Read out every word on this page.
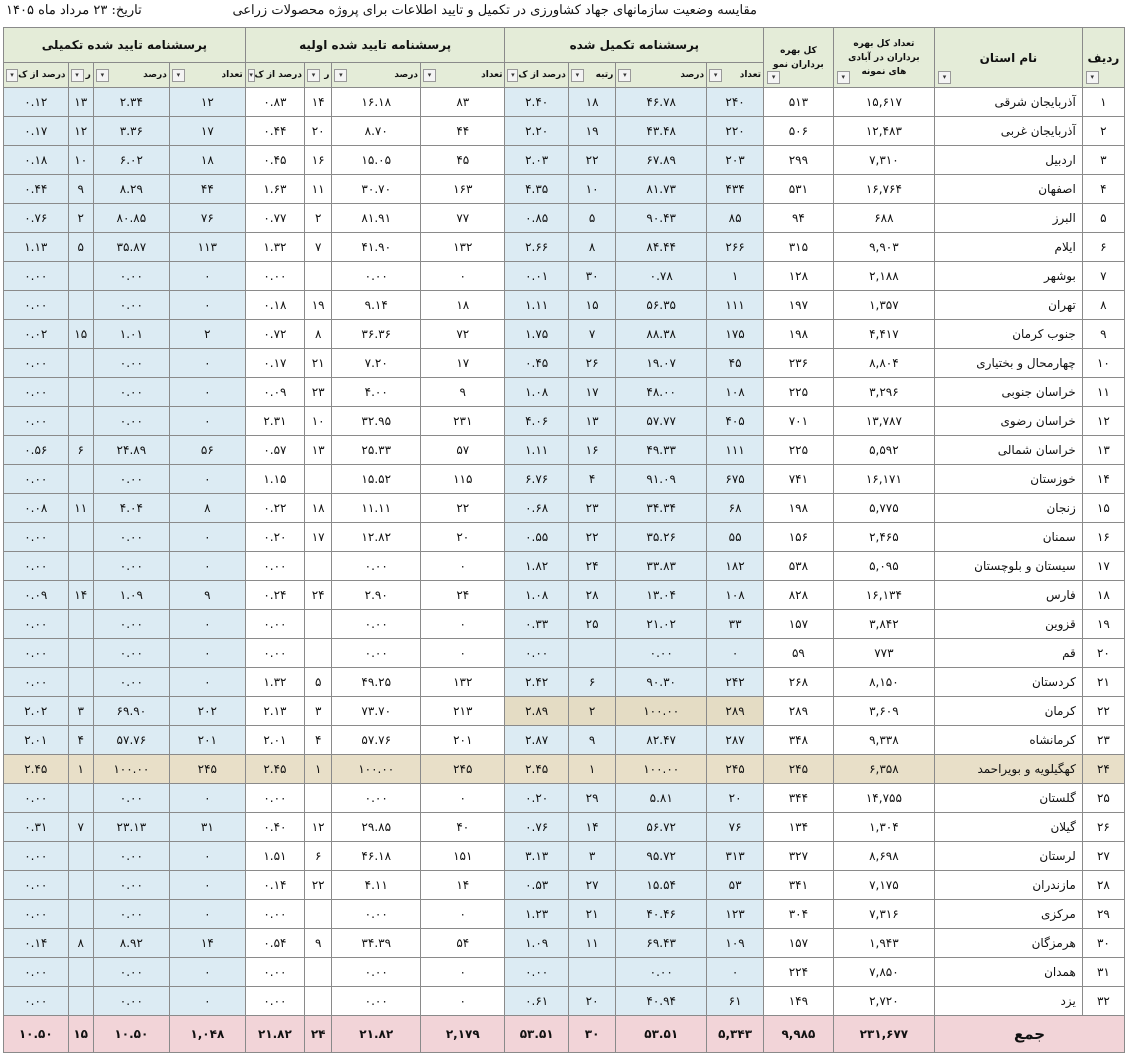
مقایسه وضعیت سازمانهای جهاد کشاورزی در تکمیل و تایید اطلاعات برای پروژه محصولات زراعی
تاریخ: ۲۳ مرداد ماه ۱۴۰۵
ردیف
▾	نام استان
▾	تعداد کل بهره برداران در آبادی های نمونه
▾	کل بهره برداران نمو
▾	پرسشنامه تکمیل شده				پرسشنامه تایید شده اولیه				پرسشنامه تایید شده تکمیلی			

				تعداد
▾	درصد
▾	رتبه
▾	درصد از ک
▾	تعداد
▾	درصد
▾	ر
▾	درصد از ک
▾	تعداد
▾	درصد
▾	ر
▾	درصد از ک
▾

۱	آذربایجان شرقی	۱۵,۶۱۷	۵۱۳	۲۴۰	۴۶.۷۸	۱۸	۲.۴۰	۸۳	۱۶.۱۸	۱۴	۰.۸۳	۱۲	۲.۳۴	۱۳	۰.۱۲
۲	آذربایجان غربی	۱۲,۴۸۳	۵۰۶	۲۲۰	۴۳.۴۸	۱۹	۲.۲۰	۴۴	۸.۷۰	۲۰	۰.۴۴	۱۷	۳.۳۶	۱۲	۰.۱۷
۳	اردبیل	۷,۳۱۰	۲۹۹	۲۰۳	۶۷.۸۹	۲۲	۲.۰۳	۴۵	۱۵.۰۵	۱۶	۰.۴۵	۱۸	۶.۰۲	۱۰	۰.۱۸
۴	اصفهان	۱۶,۷۶۴	۵۳۱	۴۳۴	۸۱.۷۳	۱۰	۴.۳۵	۱۶۳	۳۰.۷۰	۱۱	۱.۶۳	۴۴	۸.۲۹	۹	۰.۴۴
۵	البرز	۶۸۸	۹۴	۸۵	۹۰.۴۳	۵	۰.۸۵	۷۷	۸۱.۹۱	۲	۰.۷۷	۷۶	۸۰.۸۵	۲	۰.۷۶
۶	ایلام	۹,۹۰۳	۳۱۵	۲۶۶	۸۴.۴۴	۸	۲.۶۶	۱۳۲	۴۱.۹۰	۷	۱.۳۲	۱۱۳	۳۵.۸۷	۵	۱.۱۳
۷	بوشهر	۲,۱۸۸	۱۲۸	۱	۰.۷۸	۳۰	۰.۰۱	۰	۰.۰۰		۰.۰۰	۰	۰.۰۰		۰.۰۰
۸	تهران	۱,۳۵۷	۱۹۷	۱۱۱	۵۶.۳۵	۱۵	۱.۱۱	۱۸	۹.۱۴	۱۹	۰.۱۸	۰	۰.۰۰		۰.۰۰
۹	جنوب کرمان	۴,۴۱۷	۱۹۸	۱۷۵	۸۸.۳۸	۷	۱.۷۵	۷۲	۳۶.۳۶	۸	۰.۷۲	۲	۱.۰۱	۱۵	۰.۰۲
۱۰	چهارمحال و بختیاری	۸,۸۰۴	۲۳۶	۴۵	۱۹.۰۷	۲۶	۰.۴۵	۱۷	۷.۲۰	۲۱	۰.۱۷	۰	۰.۰۰		۰.۰۰
۱۱	خراسان جنوبی	۳,۲۹۶	۲۲۵	۱۰۸	۴۸.۰۰	۱۷	۱.۰۸	۹	۴.۰۰	۲۳	۰.۰۹	۰	۰.۰۰		۰.۰۰
۱۲	خراسان رضوی	۱۳,۷۸۷	۷۰۱	۴۰۵	۵۷.۷۷	۱۳	۴.۰۶	۲۳۱	۳۲.۹۵	۱۰	۲.۳۱	۰	۰.۰۰		۰.۰۰
۱۳	خراسان شمالی	۵,۵۹۲	۲۲۵	۱۱۱	۴۹.۳۳	۱۶	۱.۱۱	۵۷	۲۵.۳۳	۱۳	۰.۵۷	۵۶	۲۴.۸۹	۶	۰.۵۶
۱۴	خوزستان	۱۶,۱۷۱	۷۴۱	۶۷۵	۹۱.۰۹	۴	۶.۷۶	۱۱۵	۱۵.۵۲		۱.۱۵	۰	۰.۰۰		۰.۰۰
۱۵	زنجان	۵,۷۷۵	۱۹۸	۶۸	۳۴.۳۴	۲۳	۰.۶۸	۲۲	۱۱.۱۱	۱۸	۰.۲۲	۸	۴.۰۴	۱۱	۰.۰۸
۱۶	سمنان	۲,۴۶۵	۱۵۶	۵۵	۳۵.۲۶	۲۲	۰.۵۵	۲۰	۱۲.۸۲	۱۷	۰.۲۰	۰	۰.۰۰		۰.۰۰
۱۷	سیستان و بلوچستان	۵,۰۹۵	۵۳۸	۱۸۲	۳۳.۸۳	۲۴	۱.۸۲	۰	۰.۰۰		۰.۰۰	۰	۰.۰۰		۰.۰۰
۱۸	فارس	۱۶,۱۳۴	۸۲۸	۱۰۸	۱۳.۰۴	۲۸	۱.۰۸	۲۴	۲.۹۰	۲۴	۰.۲۴	۹	۱.۰۹	۱۴	۰.۰۹
۱۹	قزوین	۳,۸۴۲	۱۵۷	۳۳	۲۱.۰۲	۲۵	۰.۳۳	۰	۰.۰۰		۰.۰۰	۰	۰.۰۰		۰.۰۰
۲۰	قم	۷۷۳	۵۹	۰	۰.۰۰		۰.۰۰	۰	۰.۰۰		۰.۰۰	۰	۰.۰۰		۰.۰۰
۲۱	کردستان	۸,۱۵۰	۲۶۸	۲۴۲	۹۰.۳۰	۶	۲.۴۲	۱۳۲	۴۹.۲۵	۵	۱.۳۲	۰	۰.۰۰		۰.۰۰
۲۲	کرمان	۳,۶۰۹	۲۸۹	۲۸۹	۱۰۰.۰۰	۲	۲.۸۹	۲۱۳	۷۳.۷۰	۳	۲.۱۳	۲۰۲	۶۹.۹۰	۳	۲.۰۲
۲۳	کرمانشاه	۹,۳۳۸	۳۴۸	۲۸۷	۸۲.۴۷	۹	۲.۸۷	۲۰۱	۵۷.۷۶	۴	۲.۰۱	۲۰۱	۵۷.۷۶	۴	۲.۰۱
۲۴	کهگیلویه و بویراحمد	۶,۳۵۸	۲۴۵	۲۴۵	۱۰۰.۰۰	۱	۲.۴۵	۲۴۵	۱۰۰.۰۰	۱	۲.۴۵	۲۴۵	۱۰۰.۰۰	۱	۲.۴۵
۲۵	گلستان	۱۴,۷۵۵	۳۴۴	۲۰	۵.۸۱	۲۹	۰.۲۰	۰	۰.۰۰		۰.۰۰	۰	۰.۰۰		۰.۰۰
۲۶	گیلان	۱,۳۰۴	۱۳۴	۷۶	۵۶.۷۲	۱۴	۰.۷۶	۴۰	۲۹.۸۵	۱۲	۰.۴۰	۳۱	۲۳.۱۳	۷	۰.۳۱
۲۷	لرستان	۸,۶۹۸	۳۲۷	۳۱۳	۹۵.۷۲	۳	۳.۱۳	۱۵۱	۴۶.۱۸	۶	۱.۵۱	۰	۰.۰۰		۰.۰۰
۲۸	مازندران	۷,۱۷۵	۳۴۱	۵۳	۱۵.۵۴	۲۷	۰.۵۳	۱۴	۴.۱۱	۲۲	۰.۱۴	۰	۰.۰۰		۰.۰۰
۲۹	مرکزی	۷,۳۱۶	۳۰۴	۱۲۳	۴۰.۴۶	۲۱	۱.۲۳	۰	۰.۰۰		۰.۰۰	۰	۰.۰۰		۰.۰۰
۳۰	هرمزگان	۱,۹۴۳	۱۵۷	۱۰۹	۶۹.۴۳	۱۱	۱.۰۹	۵۴	۳۴.۳۹	۹	۰.۵۴	۱۴	۸.۹۲	۸	۰.۱۴
۳۱	همدان	۷,۸۵۰	۲۲۴	۰	۰.۰۰		۰.۰۰	۰	۰.۰۰		۰.۰۰	۰	۰.۰۰		۰.۰۰
۳۲	یزد	۲,۷۲۰	۱۴۹	۶۱	۴۰.۹۴	۲۰	۰.۶۱	۰	۰.۰۰		۰.۰۰	۰	۰.۰۰		۰.۰۰
جمع		۲۳۱,۶۷۷	۹,۹۸۵	۵,۳۴۳	۵۳.۵۱	۳۰	۵۳.۵۱	۲,۱۷۹	۲۱.۸۲	۲۴	۲۱.۸۲	۱,۰۴۸	۱۰.۵۰	۱۵	۱۰.۵۰
